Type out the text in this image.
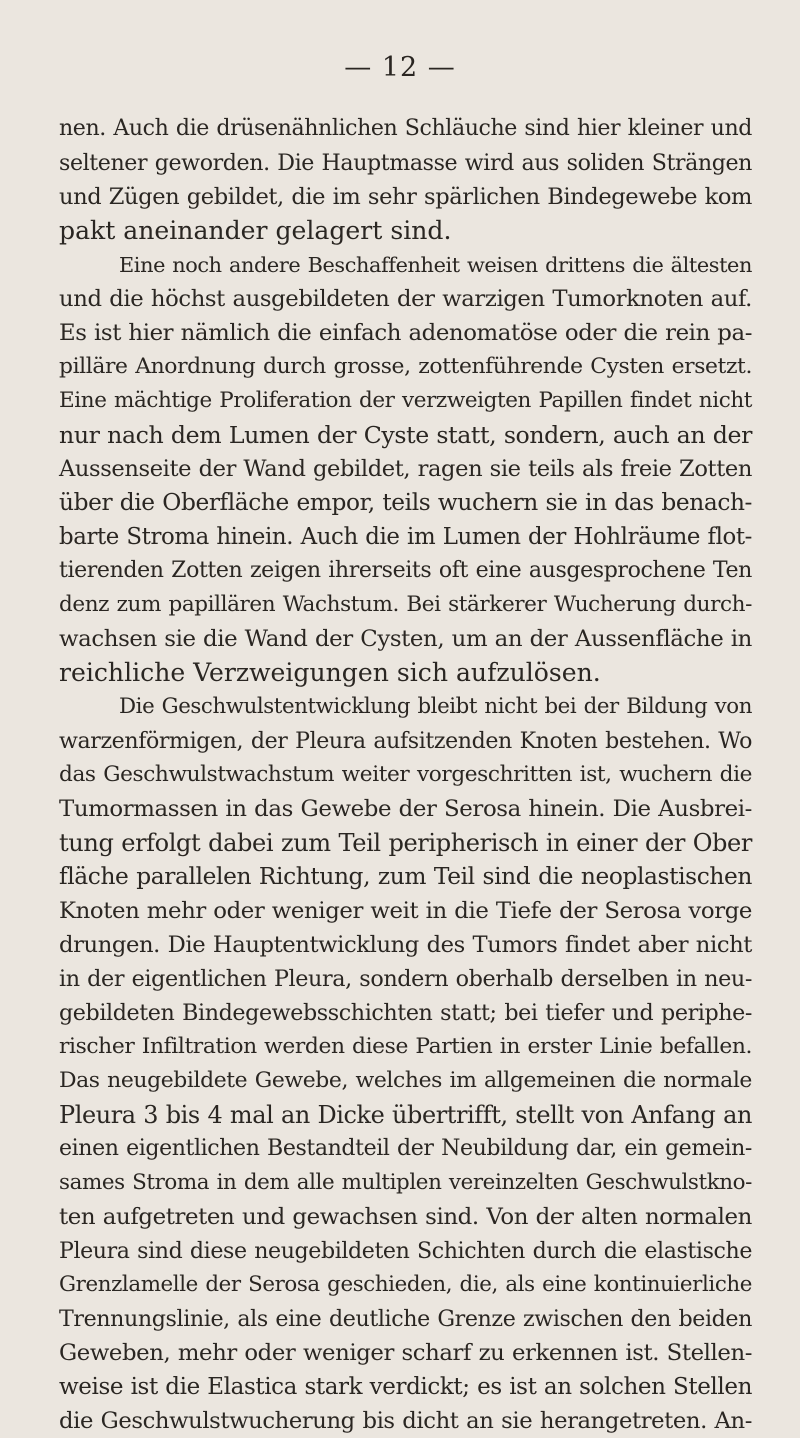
— 12 —
nen. Auch die drüsenähnlichen Schläuche sind hier kleiner und
seltener geworden. Die Hauptmasse wird aus soliden Strängen
und Zügen gebildet, die im sehr spärlichen Bindegewebe kom
pakt aneinander gelagert sind.
Eine noch andere Beschaffenheit weisen drittens die ältesten
und die höchst ausgebildeten der warzigen Tumorknoten auf.
Es ist hier nämlich die einfach adenomatöse oder die rein pa-
pilläre Anordnung durch grosse, zottenführende Cysten ersetzt.
Eine mächtige Proliferation der verzweigten Papillen findet nicht
nur nach dem Lumen der Cyste statt, sondern, auch an der
Aussenseite der Wand gebildet, ragen sie teils als freie Zotten
über die Oberfläche empor, teils wuchern sie in das benach-
barte Stroma hinein. Auch die im Lumen der Hohlräume flot-
tierenden Zotten zeigen ihrerseits oft eine ausgesprochene Ten
denz zum papillären Wachstum. Bei stärkerer Wucherung durch-
wachsen sie die Wand der Cysten, um an der Aussenfläche in
reichliche Verzweigungen sich aufzulösen.
Die Geschwulstentwicklung bleibt nicht bei der Bildung von
warzenförmigen, der Pleura aufsitzenden Knoten bestehen. Wo
das Geschwulstwachstum weiter vorgeschritten ist, wuchern die
Tumormassen in das Gewebe der Serosa hinein. Die Ausbrei-
tung erfolgt dabei zum Teil peripherisch in einer der Ober
fläche parallelen Richtung, zum Teil sind die neoplastischen
Knoten mehr oder weniger weit in die Tiefe der Serosa vorge
drungen. Die Hauptentwicklung des Tumors findet aber nicht
in der eigentlichen Pleura, sondern oberhalb derselben in neu-
gebildeten Bindegewebsschichten statt; bei tiefer und periphe-
rischer Infiltration werden diese Partien in erster Linie befallen.
Das neugebildete Gewebe, welches im allgemeinen die normale
Pleura 3 bis 4 mal an Dicke übertrifft, stellt von Anfang an
einen eigentlichen Bestandteil der Neubildung dar, ein gemein-
sames Stroma in dem alle multiplen vereinzelten Geschwulstkno-
ten aufgetreten und gewachsen sind. Von der alten normalen
Pleura sind diese neugebildeten Schichten durch die elastische
Grenzlamelle der Serosa geschieden, die, als eine kontinuierliche
Trennungslinie, als eine deutliche Grenze zwischen den beiden
Geweben, mehr oder weniger scharf zu erkennen ist. Stellen-
weise ist die Elastica stark verdickt; es ist an solchen Stellen
die Geschwulstwucherung bis dicht an sie herangetreten. An-
